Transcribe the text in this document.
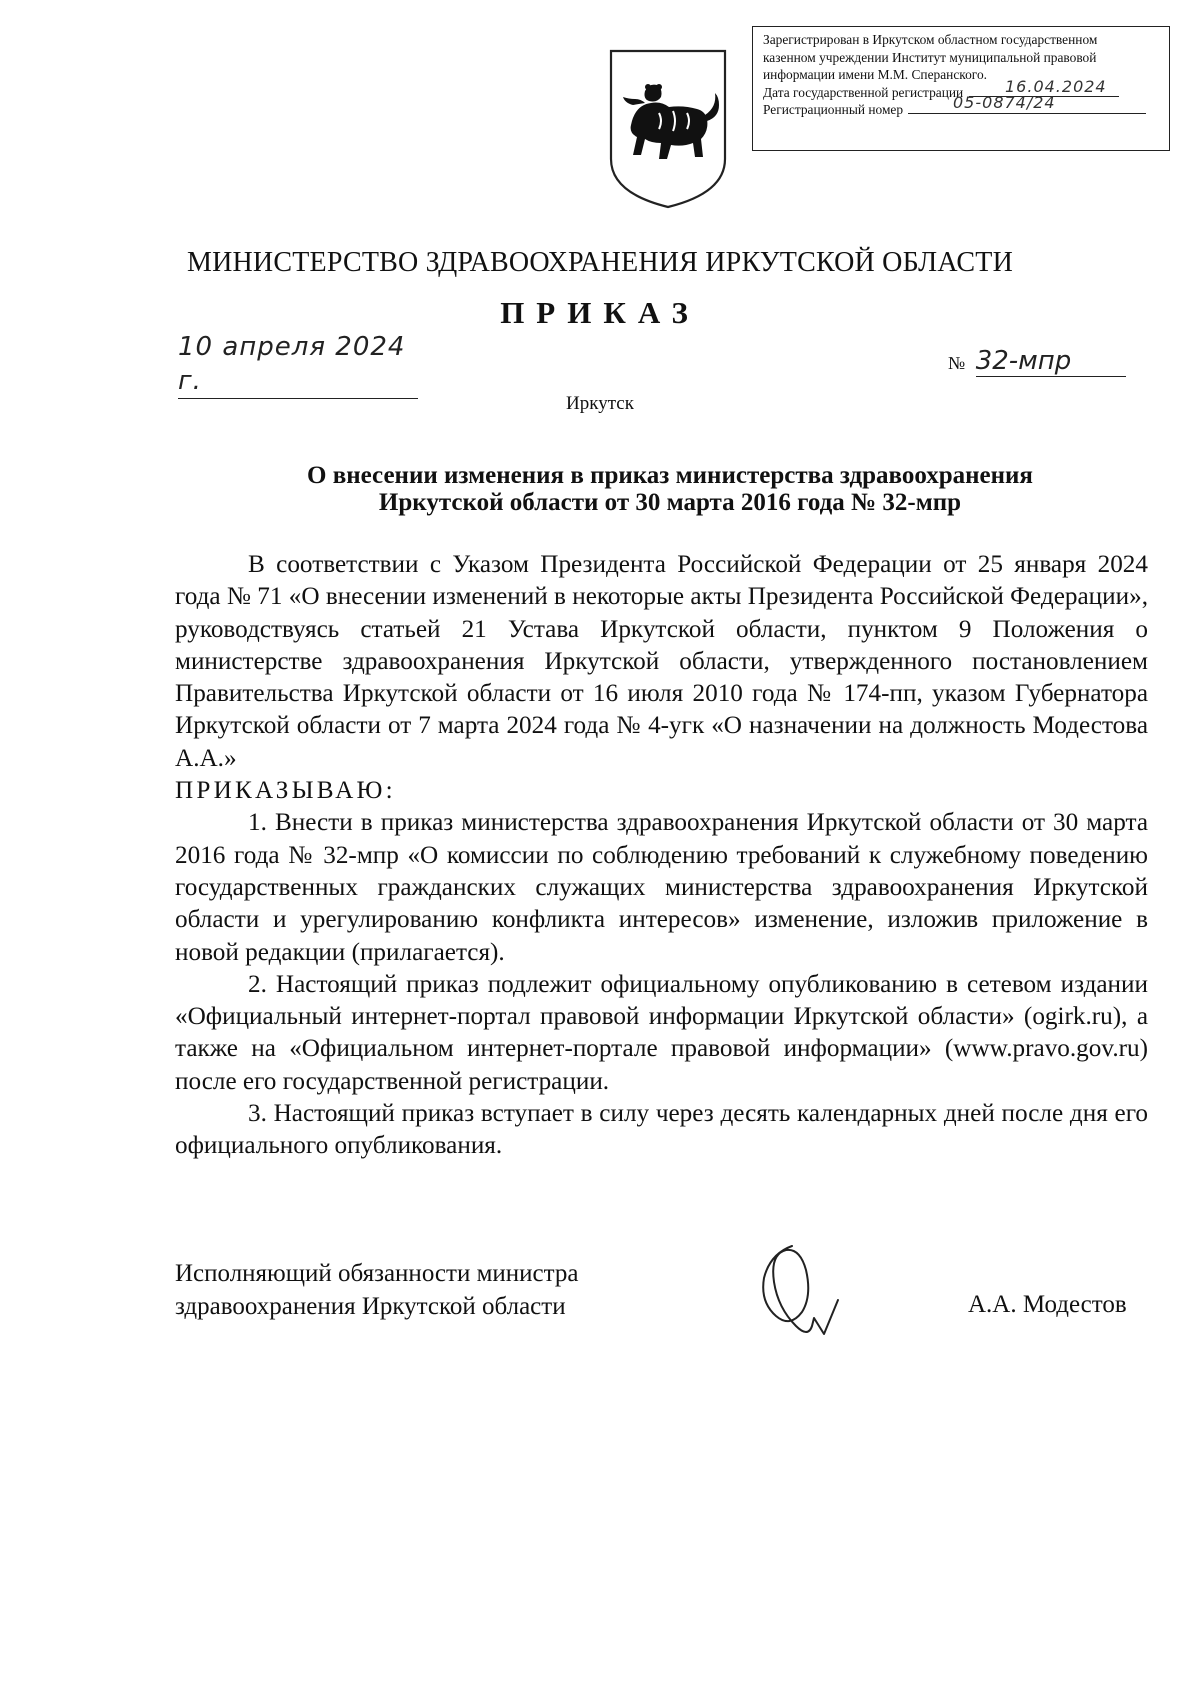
Зарегистрирован в Иркутском областном государственном
казенном учреждении Институт муниципальной правовой
информации имени М.М. Сперанского.
Дата государственной регистрации	16.04.2024
Регистрационный номер	05-0874/24
МИНИСТЕРСТВО ЗДРАВООХРАНЕНИЯ ИРКУТСКОЙ ОБЛАСТИ
ПРИКАЗ
10 апреля 2024 г.
№ 32-мпр
Иркутск
О внесении изменения в приказ министерства здравоохранения
Иркутской области от 30 марта 2016 года № 32-мпр

В соответствии с Указом Президента Российской Федерации от 25 января 2024 года № 71 «О внесении изменений в некоторые акты Президента Российской Федерации», руководствуясь статьей 21 Устава Иркутской области, пунктом 9 Положения о министерстве здравоохранения Иркутской области, утвержденного постановлением Правительства Иркутской области от 16 июля 2010 года № 174-пп, указом Губернатора Иркутской области от 7 марта 2024 года № 4-угк «О назначении на должность Модестова А.А.»

ПРИКАЗЫВАЮ:

1. Внести в приказ министерства здравоохранения Иркутской области от 30 марта 2016 года № 32-мпр «О комиссии по соблюдению требований к служебному поведению государственных гражданских служащих министерства здравоохранения Иркутской области и урегулированию конфликта интересов» изменение, изложив приложение в новой редакции (прилагается).

2. Настоящий приказ подлежит официальному опубликованию в сетевом издании «Официальный интернет-портал правовой информации Иркутской области» (ogirk.ru), а также на «Официальном интернет-портале правовой информации» (www.pravo.gov.ru) после его государственной регистрации.

3. Настоящий приказ вступает в силу через десять календарных дней после дня его официального опубликования.

Исполняющий обязанности министра
здравоохранения Иркутской области	А.А. Модестов
